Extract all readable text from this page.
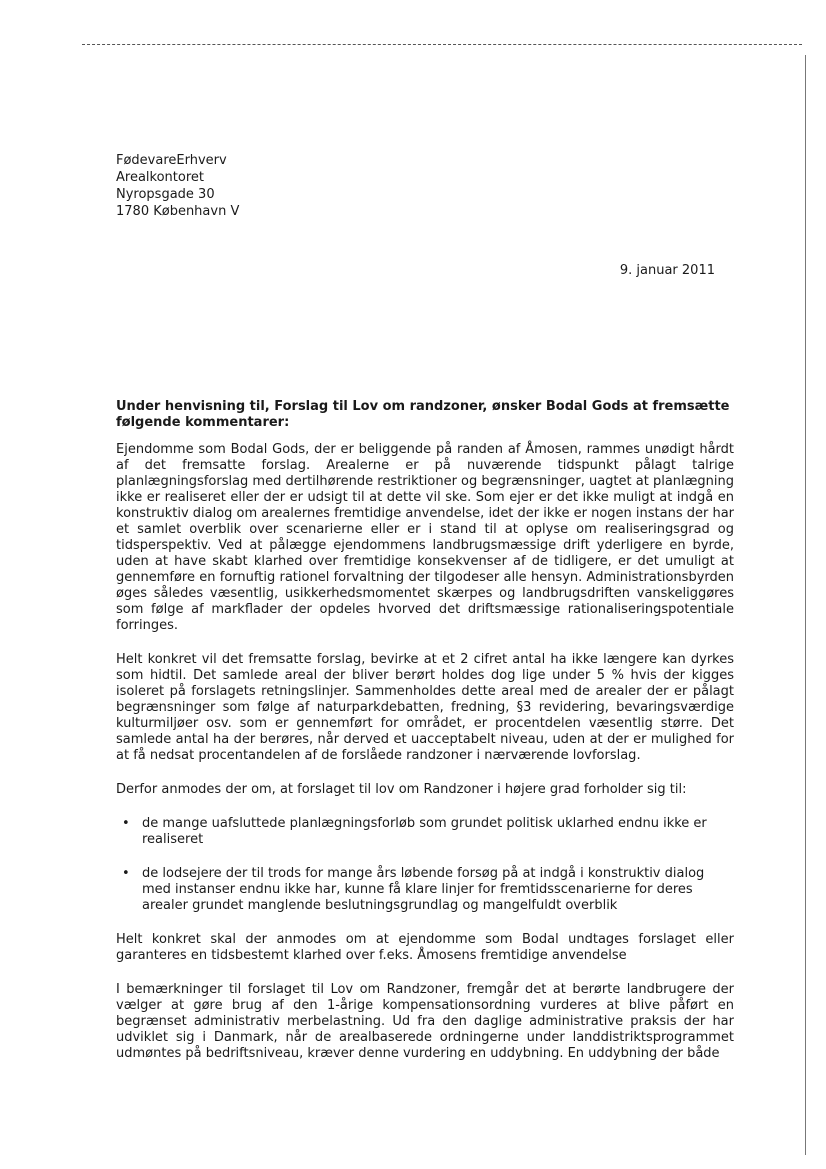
FødevareErhverv
Arealkontoret
Nyropsgade 30
1780 København V
9. januar 2011

Under henvisning til, Forslag til Lov om randzoner, ønsker Bodal Gods at fremsætte følgende kommentarer:

Ejendomme som Bodal Gods, der er beliggende på randen af Åmosen, rammes unødigt hårdt af det fremsatte forslag. Arealerne er på nuværende tidspunkt pålagt talrige planlægningsforslag med dertilhørende restriktioner og begrænsninger, uagtet at planlægning ikke er realiseret eller der er udsigt til at dette vil ske. Som ejer er det ikke muligt at indgå en konstruktiv dialog om arealernes fremtidige anvendelse, idet der ikke er nogen instans der har et samlet overblik over scenarierne eller er i stand til at oplyse om realiseringsgrad og tidsperspektiv. Ved at pålægge ejendommens landbrugsmæssige drift yderligere en byrde, uden at have skabt klarhed over fremtidige konsekvenser af de tidligere, er det umuligt at gennemføre en fornuftig rationel forvaltning der tilgodeser alle hensyn. Administrationsbyrden øges således væsentlig, usikkerhedsmomentet skærpes og landbrugsdriften vanskeliggøres som følge af markflader der opdeles hvorved det driftsmæssige rationaliseringspotentiale forringes.

Helt konkret vil det fremsatte forslag, bevirke at et 2 cifret antal ha ikke længere kan dyrkes som hidtil. Det samlede areal der bliver berørt holdes dog lige under 5 % hvis der kigges isoleret på forslagets retningslinjer. Sammenholdes dette areal med de arealer der er pålagt begrænsninger som følge af naturparkdebatten, fredning, §3 revidering, bevaringsværdige kulturmiljøer osv. som er gennemført for området, er procentdelen væsentlig større. Det samlede antal ha der berøres, når derved et uacceptabelt niveau, uden at der er mulighed for at få nedsat procentandelen af de forslåede randzoner i nærværende lovforslag.

Derfor anmodes der om, at forslaget til lov om Randzoner i højere grad forholder sig til:

• de mange uafsluttede planlægningsforløb som grundet politisk uklarhed endnu ikke er realiseret
• de lodsejere der til trods for mange års løbende forsøg på at indgå i konstruktiv dialog med instanser endnu ikke har, kunne få klare linjer for fremtidsscenarierne for deres arealer grundet manglende beslutningsgrundlag og mangelfuldt overblik

Helt konkret skal der anmodes om at ejendomme som Bodal undtages forslaget eller garanteres en tidsbestemt klarhed over f.eks. Åmosens fremtidige anvendelse

I bemærkninger til forslaget til Lov om Randzoner, fremgår det at berørte landbrugere der vælger at gøre brug af den 1-årige kompensationsordning vurderes at blive påført en begrænset administrativ merbelastning. Ud fra den daglige administrative praksis der har udviklet sig i Danmark, når de arealbaserede ordningerne under landdistriktsprogrammet udmøntes på bedriftsniveau, kræver denne vurdering en uddybning. En uddybning der både
